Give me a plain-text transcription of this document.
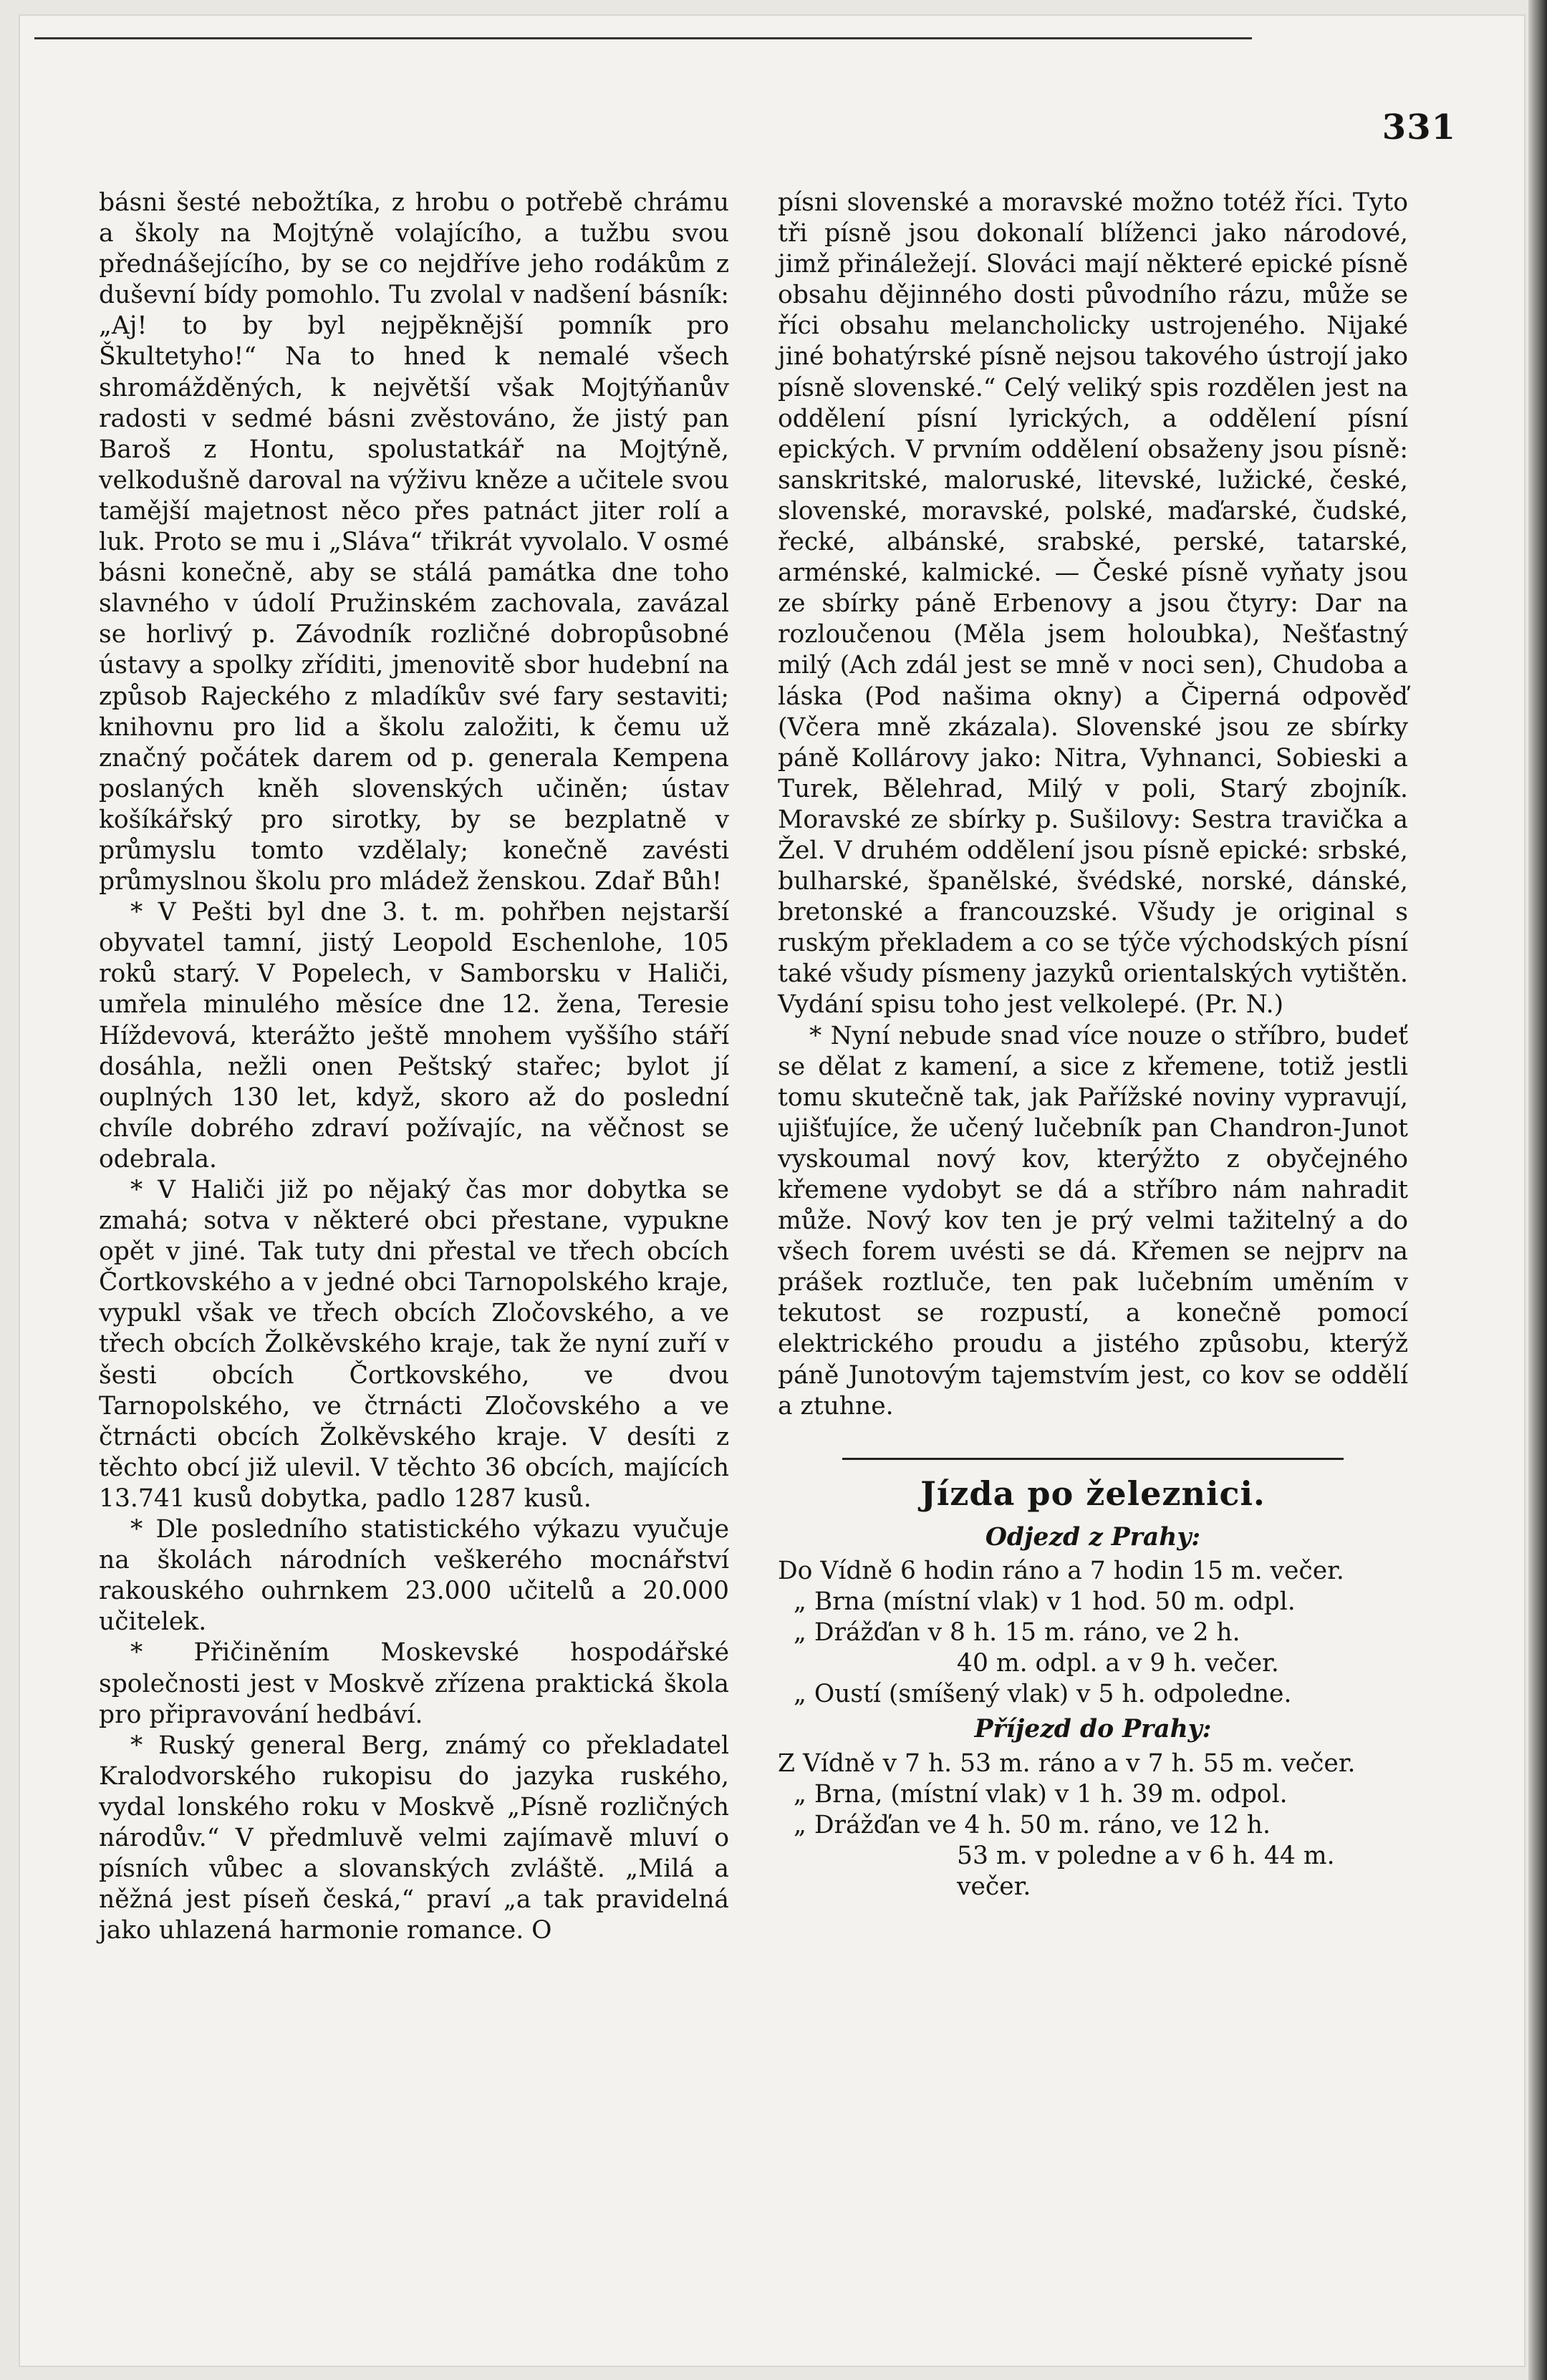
331

básni šesté nebožtíka, z hrobu o potřebě chrámu a školy na Mojtýně volajícího, a tužbu svou přednášejícího, by se co nejdříve jeho rodákům z duševní bídy pomohlo. Tu zvolal v nadšení básník: „Aj! to by byl nejpěknější pomník pro Škultetyho!“ Na to hned k nemalé všech shromážděných, k největší však Mojtýňanův radosti v sedmé básni zvěstováno, že jistý pan Baroš z Hontu, spolustatkář na Mojtýně, velkodušně daroval na výživu kněze a učitele svou tamější majetnost něco přes patnáct jiter rolí a luk. Proto se mu i „Sláva“ třikrát vyvolalo. V osmé básni konečně, aby se stálá památka dne toho slavného v údolí Pružinském zachovala, zavázal se horlivý p. Závodník rozličné dobropůsobné ústavy a spolky zříditi, jmenovitě sbor hudební na způsob Rajeckého z mladíkův své fary sestaviti; knihovnu pro lid a školu založiti, k čemu už značný počátek darem od p. generala Kempena poslaných kněh slovenských učiněn; ústav košíkářský pro sirotky, by se bezplatně v průmyslu tomto vzdělaly; konečně zavésti průmyslnou školu pro mládež ženskou. Zdař Bůh!

* V Pešti byl dne 3. t. m. pohřben nejstarší obyvatel tamní, jistý Leopold Eschenlohe, 105 roků starý. V Popelech, v Samborsku v Haliči, umřela minulého měsíce dne 12. žena, Teresie Híždevová, kterážto ještě mnohem vyššího stáří dosáhla, nežli onen Peštský stařec; bylot jí ouplných 130 let, když, skoro až do poslední chvíle dobrého zdraví požívajíc, na věčnost se odebrala.

* V Haliči již po nějaký čas mor dobytka se zmahá; sotva v některé obci přestane, vypukne opět v jiné. Tak tuty dni přestal ve třech obcích Čortkovského a v jedné obci Tarnopolského kraje, vypukl však ve třech obcích Zločovského, a ve třech obcích Žolkěvského kraje, tak že nyní zuří v šesti obcích Čortkovského, ve dvou Tarnopolského, ve čtrnácti Zločovského a ve čtrnácti obcích Žolkěvského kraje. V desíti z těchto obcí již ulevil. V těchto 36 obcích, majících 13.741 kusů dobytka, padlo 1287 kusů.

* Dle posledního statistického výkazu vyučuje na školách národních veškerého mocnářství rakouského ouhrnkem 23.000 učitelů a 20.000 učitelek.

* Přičiněním Moskevské hospodářské společnosti jest v Moskvě zřízena praktická škola pro připravování hedbáví.

* Ruský general Berg, známý co překladatel Kralodvorského rukopisu do jazyka ruského, vydal lonského roku v Moskvě „Písně rozličných národův.“ V předmluvě velmi zajímavě mluví o písních vůbec a slovanských zvláště. „Milá a něžná jest píseň česká,“ praví „a tak pravidelná jako uhlazená harmonie romance. O

písni slovenské a moravské možno totéž říci. Tyto tři písně jsou dokonalí blíženci jako národové, jimž přináležejí. Slováci mají některé epické písně obsahu dějinného dosti původního rázu, může se říci obsahu melancholicky ustrojeného. Nijaké jiné bohatýrské písně nejsou takového ústrojí jako písně slovenské.“ Celý veliký spis rozdělen jest na oddělení písní lyrických, a oddělení písní epických. V prvním oddělení obsaženy jsou písně: sanskritské, maloruské, litevské, lužické, české, slovenské, moravské, polské, maďarské, čudské, řecké, albánské, srabské, perské, tatarské, arménské, kalmické. — České písně vyňaty jsou ze sbírky páně Erbenovy a jsou čtyry: Dar na rozloučenou (Měla jsem holoubka), Nešťastný milý (Ach zdál jest se mně v noci sen), Chudoba a láska (Pod našima okny) a Čiperná odpověď (Včera mně zkázala). Slovenské jsou ze sbírky páně Kollárovy jako: Nitra, Vyhnanci, Sobieski a Turek, Bělehrad, Milý v poli, Starý zbojník. Moravské ze sbírky p. Sušilovy: Sestra travička a Žel. V druhém oddělení jsou písně epické: srbské, bulharské, španělské, švédské, norské, dánské, bretonské a francouzské. Všudy je original s ruským překladem a co se týče východských písní také všudy písmeny jazyků orientalských vytištěn. Vydání spisu toho jest velkolepé. (Pr. N.)

* Nyní nebude snad více nouze o stříbro, budeť se dělat z kamení, a sice z křemene, totiž jestli tomu skutečně tak, jak Pařížské noviny vypravují, ujišťujíce, že učený lučebník pan Chandron-Junot vyskoumal nový kov, kterýžto z obyčejného křemene vydobyt se dá a stříbro nám nahradit může. Nový kov ten je prý velmi tažitelný a do všech forem uvésti se dá. Křemen se nejprv na prášek roztluče, ten pak lučebním uměním v tekutost se rozpustí, a konečně pomocí elektrického proudu a jistého způsobu, kterýž páně Junotovým tajemstvím jest, co kov se oddělí a ztuhne.

Jízda po železnici.
Odjezd z Prahy:

Do Vídně 6 hodin ráno a 7 hodin 15 m. večer.

„ Brna (místní vlak) v 1 hod. 50 m. odpl.

„ Drážďan v 8 h. 15 m. ráno, ve 2 h.

40 m. odpl. a v 9 h. večer.

„ Oustí (smíšený vlak) v 5 h. odpoledne.

Příjezd do Prahy:

Z Vídně v 7 h. 53 m. ráno a v 7 h. 55 m. večer.

„ Brna, (místní vlak) v 1 h. 39 m. odpol.

„ Drážďan ve 4 h. 50 m. ráno, ve 12 h.

53 m. v poledne a v 6 h. 44 m.

večer.
